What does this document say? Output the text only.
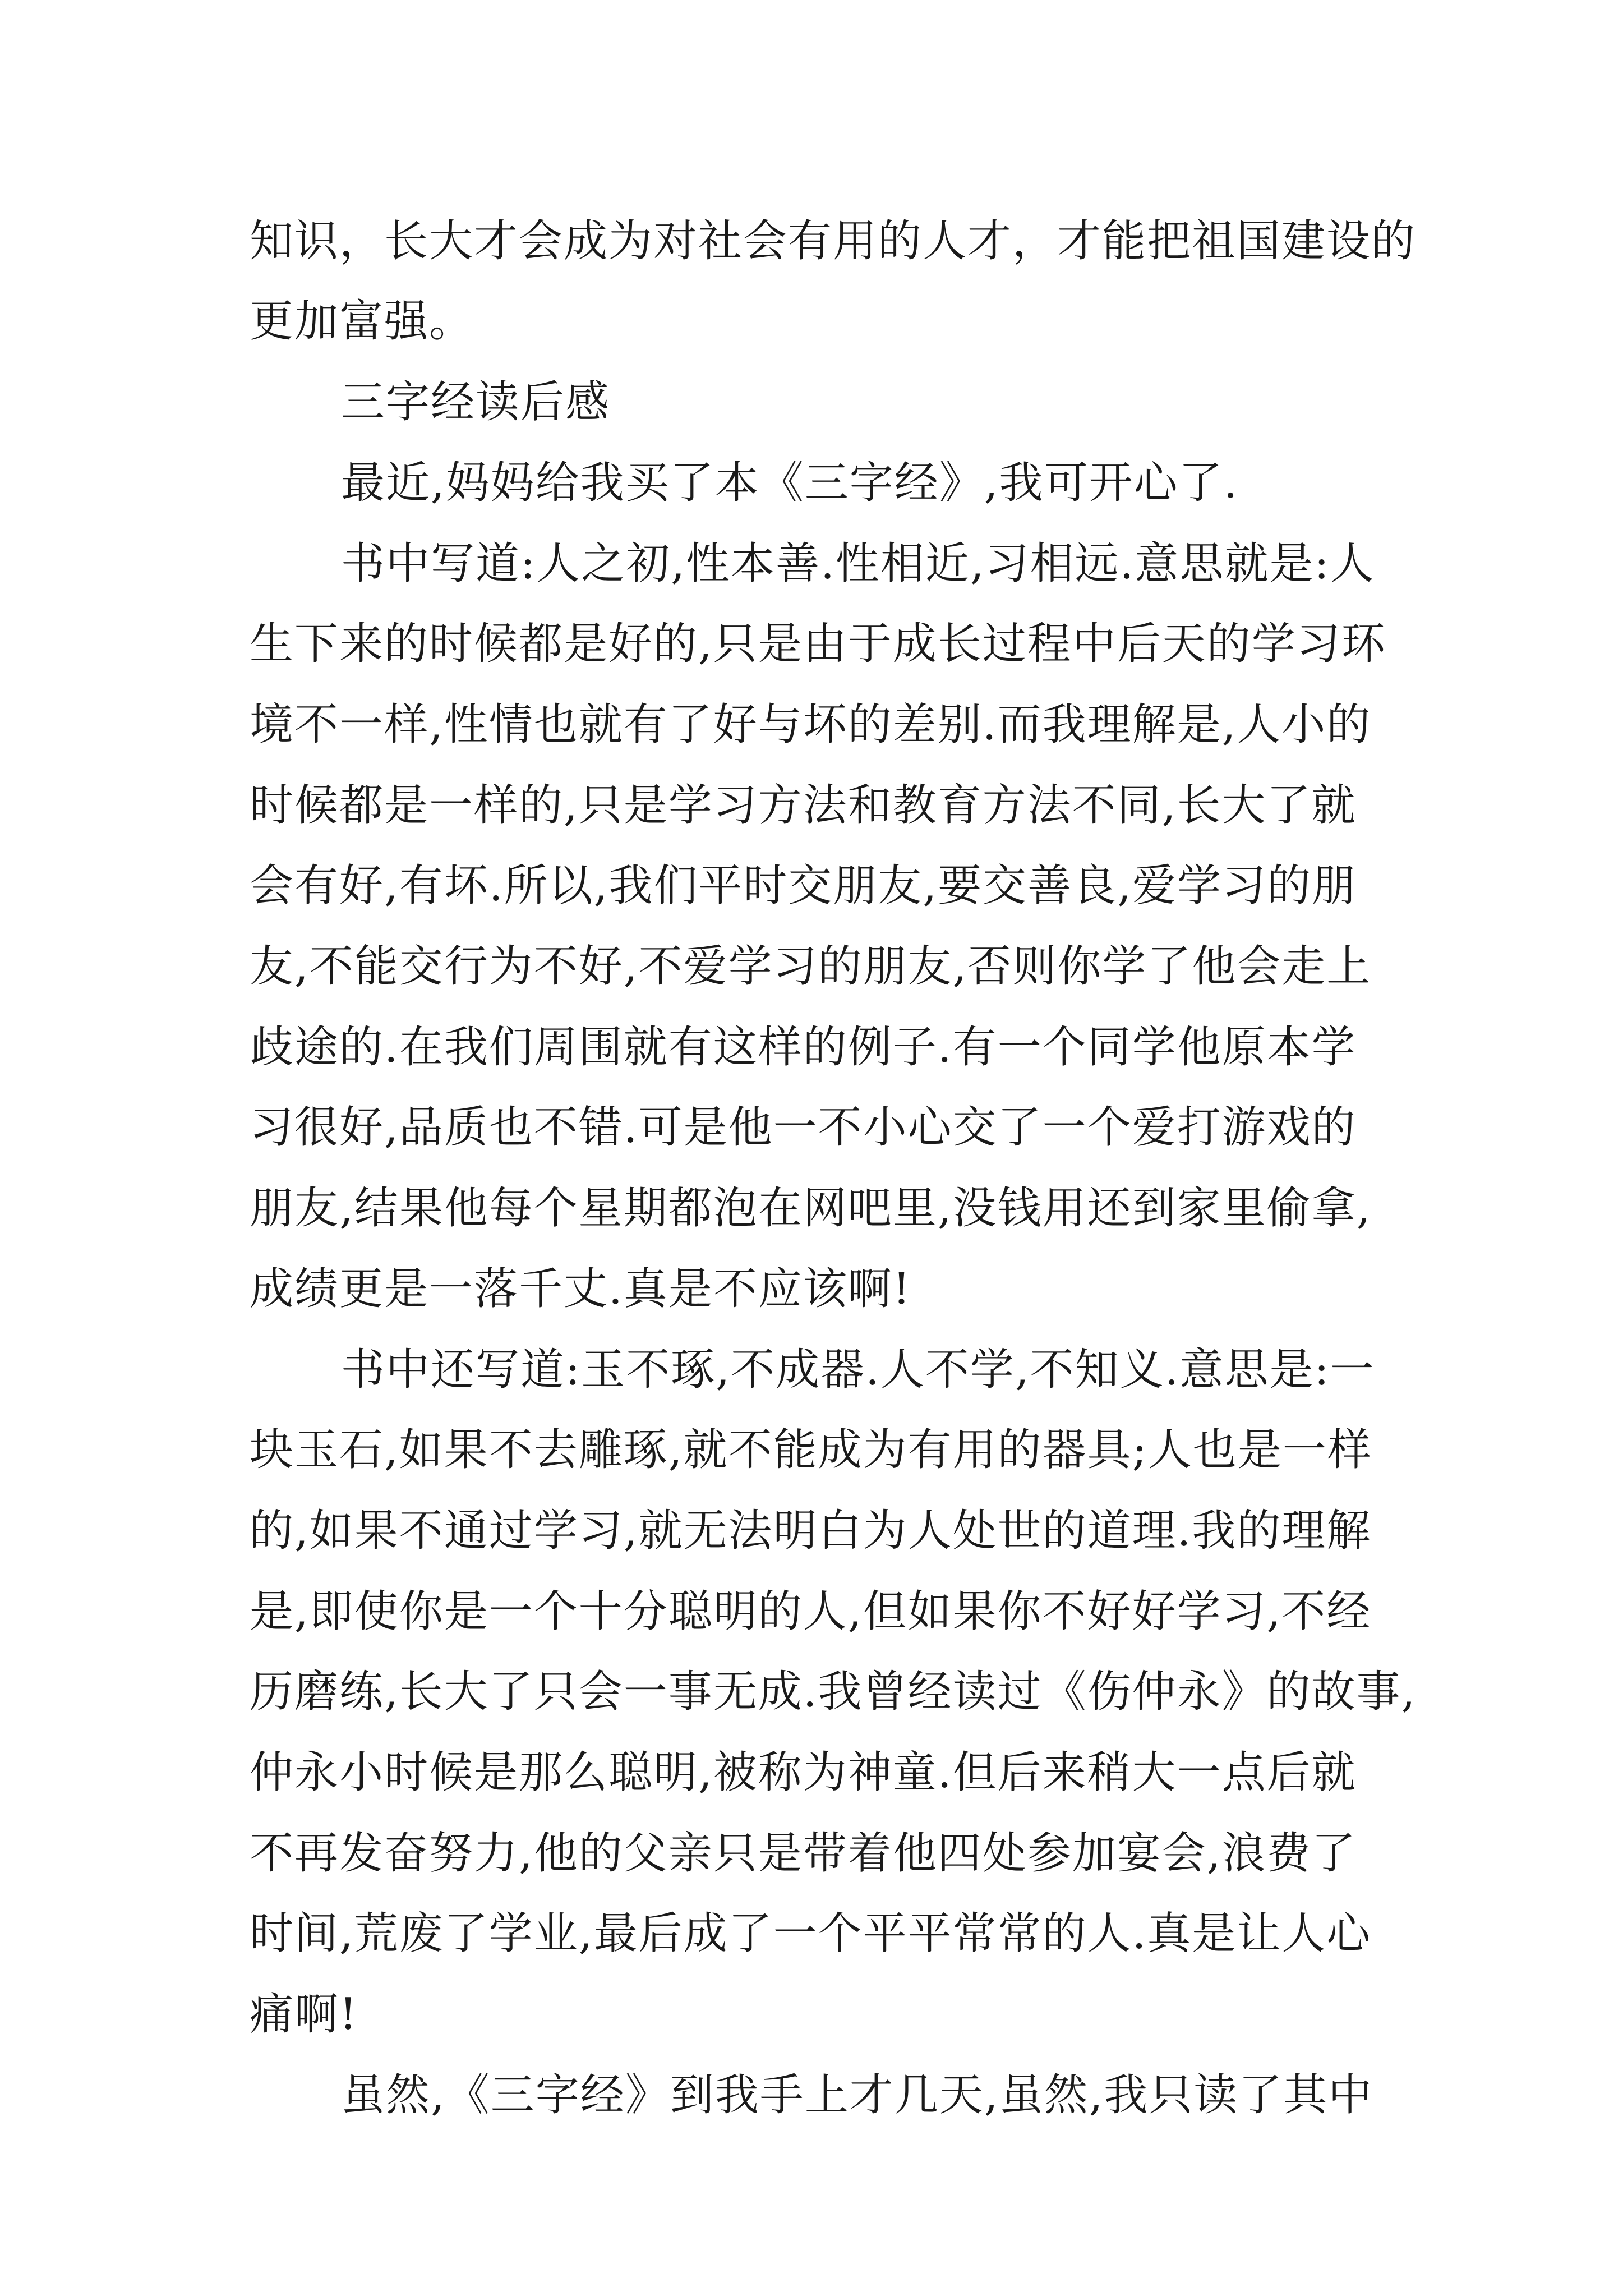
知识，长大才会成为对社会有用的人才，才能把祖国建设的
更加富强。
三字经读后感
最近,妈妈给我买了本《三字经》,我可开心了.
书中写道:人之初,性本善.性相近,习相远.意思就是:人
生下来的时候都是好的,只是由于成长过程中后天的学习环
境不一样,性情也就有了好与坏的差别.而我理解是,人小的
时候都是一样的,只是学习方法和教育方法不同,长大了就
会有好,有坏.所以,我们平时交朋友,要交善良,爱学习的朋
友,不能交行为不好,不爱学习的朋友,否则你学了他会走上
歧途的.在我们周围就有这样的例子.有一个同学他原本学
习很好,品质也不错.可是他一不小心交了一个爱打游戏的
朋友,结果他每个星期都泡在网吧里,没钱用还到家里偷拿,
成绩更是一落千丈.真是不应该啊!
书中还写道:玉不琢,不成器.人不学,不知义.意思是:一
块玉石,如果不去雕琢,就不能成为有用的器具;人也是一样
的,如果不通过学习,就无法明白为人处世的道理.我的理解
是,即使你是一个十分聪明的人,但如果你不好好学习,不经
历磨练,长大了只会一事无成.我曾经读过《伤仲永》的故事,
仲永小时候是那么聪明,被称为神童.但后来稍大一点后就
不再发奋努力,他的父亲只是带着他四处参加宴会,浪费了
时间,荒废了学业,最后成了一个平平常常的人.真是让人心
痛啊!
虽然,《三字经》到我手上才几天,虽然,我只读了其中
